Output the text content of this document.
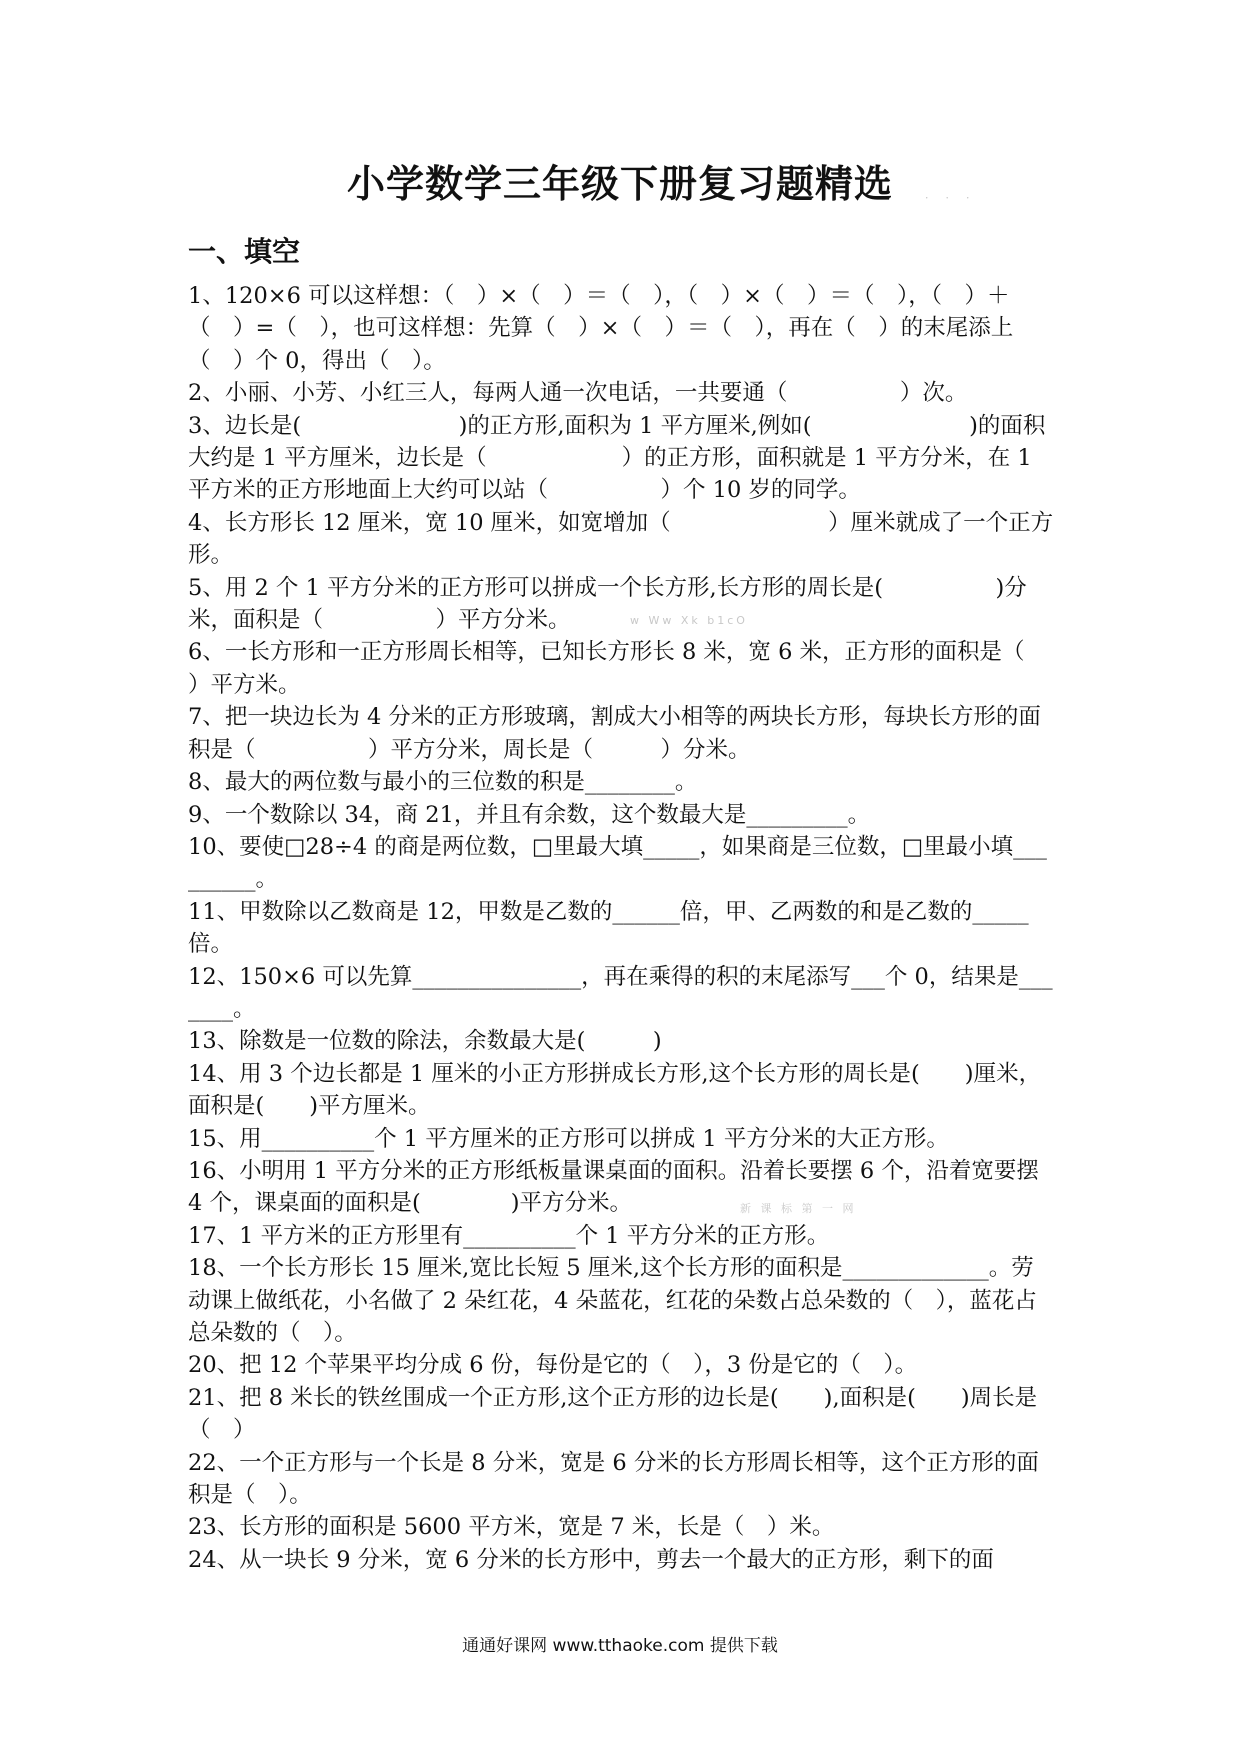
小学数学三年级下册复习题精选	． ． ．
一、填空

1、120×6 可以这样想：（　）×（　）＝（　），（　）×（　）＝（　），（　）＋（　）=（　），也可这样想：先算（　）×（　）＝（　），再在（　）的末尾添上（　）个 0，得出（　）。

2、小丽、小芳、小红三人，每两人通一次电话，一共要通（　　　　　）次。

3、边长是(　　　　　　　)的正方形,面积为 1 平方厘米,例如(　　　　　　　)的面积大约是 1 平方厘米，边长是（　　　　　　）的正方形，面积就是 1 平方分米，在 1 平方米的正方形地面上大约可以站（　　　　　）个 10 岁的同学。

4、长方形长 12 厘米，宽 10 厘米，如宽增加（　　　　　　　）厘米就成了一个正方形。

5、用 2 个 1 平方分米的正方形可以拼成一个长方形,长方形的周长是(　　　　　)分米，面积是（　　　　　）平方分米。

6、一长方形和一正方形周长相等，已知长方形长 8 米，宽 6 米，正方形的面积是（　　　　　）平方米。

7、把一块边长为 4 分米的正方形玻璃，割成大小相等的两块长方形，每块长方形的面积是（　　　　　）平方分米，周长是（　　　）分米。

8、最大的两位数与最小的三位数的积是________。

9、一个数除以 34，商 21，并且有余数，这个数最大是_________。

10、要使□28÷4 的商是两位数，□里最大填_____，如果商是三位数，□里最小填_________。

11、甲数除以乙数商是 12，甲数是乙数的______倍，甲、乙两数的和是乙数的_____倍。

12、150×6 可以先算_______________，再在乘得的积的末尾添写___个 0，结果是_______。

13、除数是一位数的除法，余数最大是(　　　)

14、用 3 个边长都是 1 厘米的小正方形拼成长方形,这个长方形的周长是(　　)厘米，面积是(　　)平方厘米。

15、用__________个 1 平方厘米的正方形可以拼成 1 平方分米的大正方形。

16、小明用 1 平方分米的正方形纸板量课桌面的面积。沿着长要摆 6 个，沿着宽要摆 4 个，课桌面的面积是(　　　　)平方分米。

17、1 平方米的正方形里有__________个 1 平方分米的正方形。

18、一个长方形长 15 厘米,宽比长短 5 厘米,这个长方形的面积是_____________。劳动课上做纸花，小名做了 2 朵红花，4 朵蓝花，红花的朵数占总朵数的（　），蓝花占总朵数的（　）。

20、把 12 个苹果平均分成 6 份，每份是它的（　），3 份是它的（　）。

21、把 8 米长的铁丝围成一个正方形,这个正方形的边长是(　　),面积是(　　)周长是（　）

22、一个正方形与一个长是 8 分米，宽是 6 分米的长方形周长相等，这个正方形的面积是（　）。

23、长方形的面积是 5600 平方米，宽是 7 米，长是（　）米。

24、从一块长 9 分米，宽 6 分米的长方形中，剪去一个最大的正方形，剩下的面

w Ww Xk b1cO
新 课 标 第 一 网
通通好课网 www.tthaoke.com 提供下载
